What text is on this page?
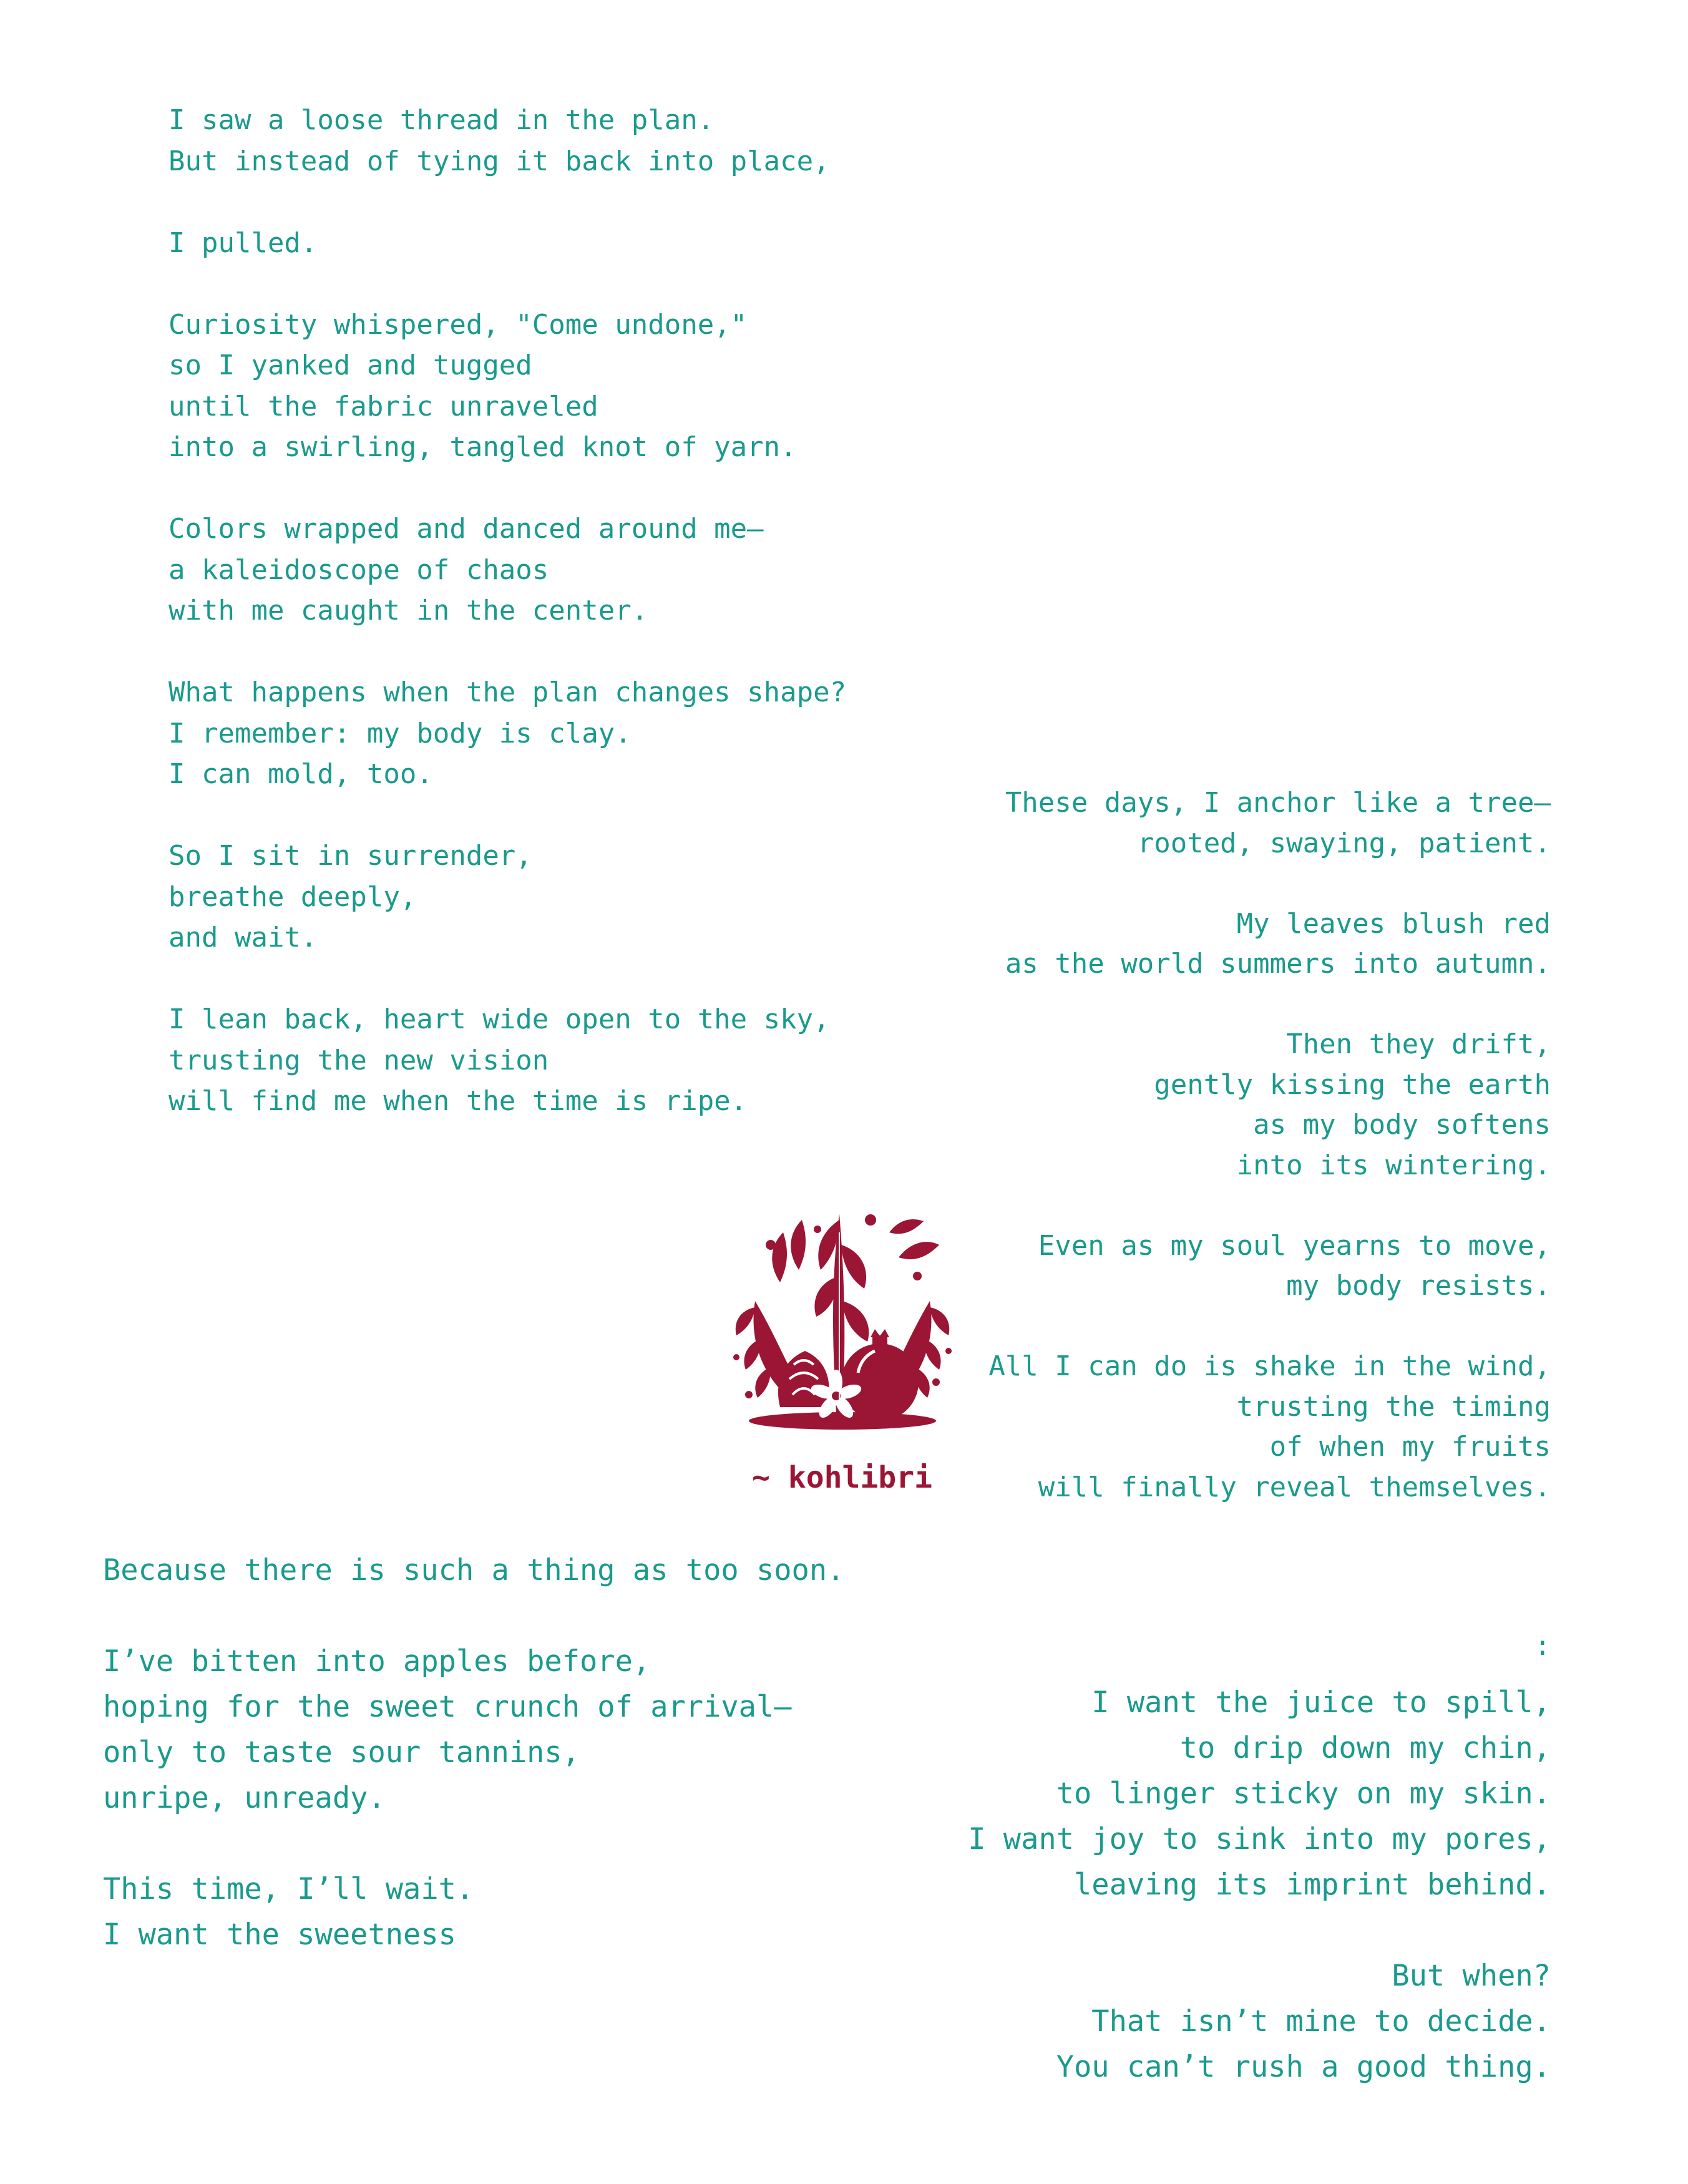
I saw a loose thread in the plan.
But instead of tying it back into place,
I pulled.
Curiosity whispered, "Come undone,"
so I yanked and tugged
until the fabric unraveled
into a swirling, tangled knot of yarn.
Colors wrapped and danced around me—
a kaleidoscope of chaos
with me caught in the center.
What happens when the plan changes shape?
I remember: my body is clay.
I can mold, too.
So I sit in surrender,
breathe deeply,
and wait.
I lean back, heart wide open to the sky,
trusting the new vision
will find me when the time is ripe.
These days, I anchor like a tree—
rooted, swaying, patient.
My leaves blush red
as the world summers into autumn.
Then they drift,
gently kissing the earth
as my body softens
into its wintering.
Even as my soul yearns to move,
my body resists.
All I can do is shake in the wind,
trusting the timing
of when my fruits
will finally reveal themselves.
~ kohlibri
Because there is such a thing as too soon.
I’ve bitten into apples before,
hoping for the sweet crunch of arrival—
only to taste sour tannins,
unripe, unready.
This time, I’ll wait.
I want the sweetness
:
I want the juice to spill,
to drip down my chin,
to linger sticky on my skin.
I want joy to sink into my pores,
leaving its imprint behind.
But when?
That isn’t mine to decide.
You can’t rush a good thing.
